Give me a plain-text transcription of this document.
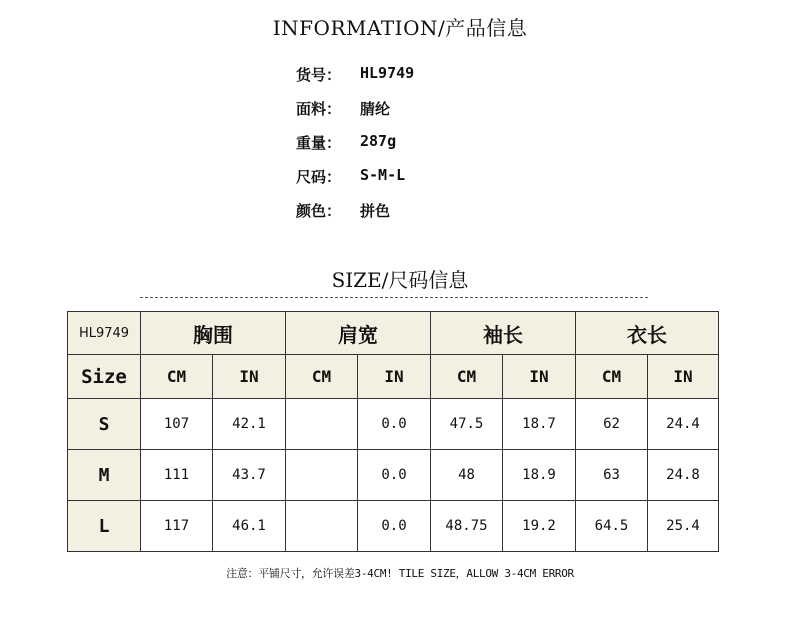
INFORMATION/产品信息
货号：	HL9749
面料：	腈纶
重量：	287g
尺码：	S-M-L
颜色：	拼色
SIZE/尺码信息
HL9749	胸围		肩宽		袖长		衣长	
Size	CM	IN	CM	IN	CM	IN	CM	IN
S	107	42.1		0.0	47.5	18.7	62	24.4
M	111	43.7		0.0	48	18.9	63	24.8
L	117	46.1		0.0	48.75	19.2	64.5	25.4
注意：平铺尺寸，允许误差3-4CM! TILE SIZE，ALLOW 3-4CM ERROR
